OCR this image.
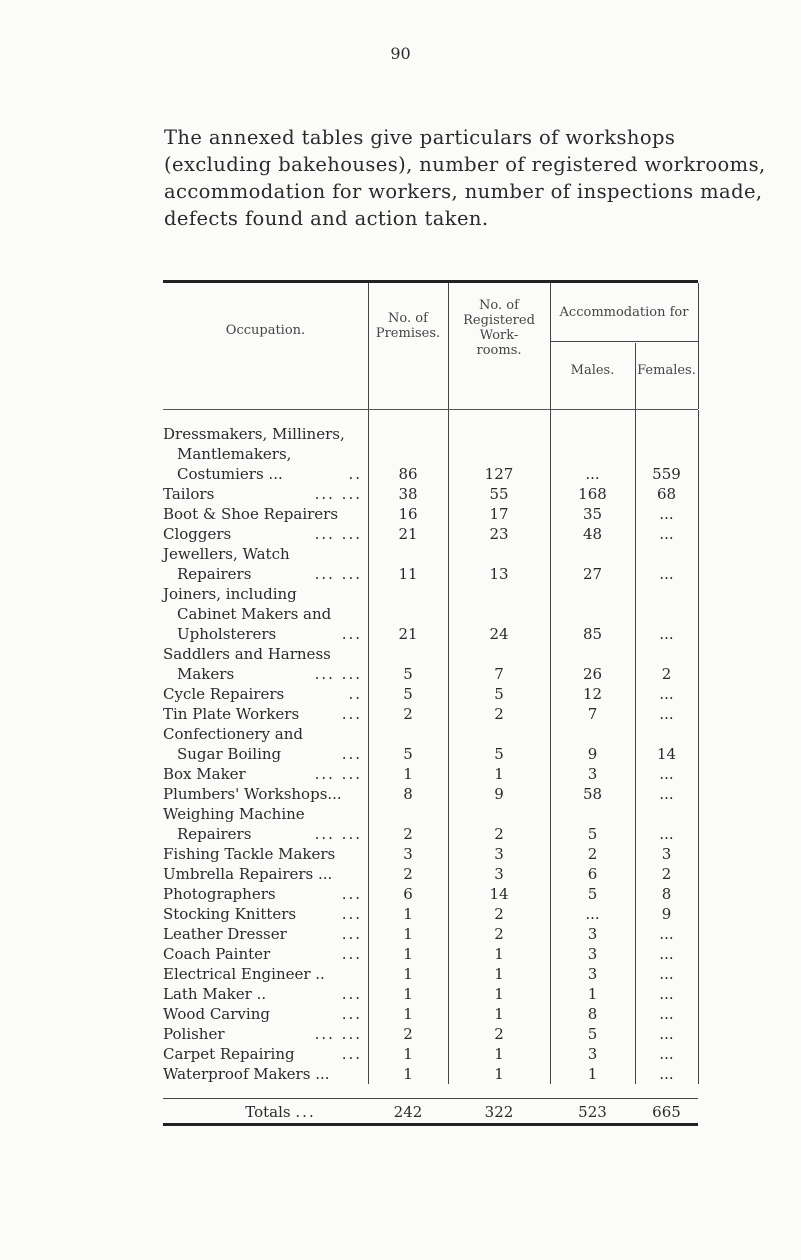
90

The annexed tables give particulars of workshops

(excluding bakehouses), number of registered workrooms,

accommodation for workers, number of inspections made,

defects found and action taken.

Occupation.
No. of
Premises.
No. of
Registered
Work-
rooms.
Accommodation for
Males.	Females.
Dressmakers, Milliners,
Mantlemakers,
Costumiers ...	..	86	127	...	559
Tailors	... ...	38	55	168	68
Boot & Shoe Repairers	16	17	35	...
Cloggers	... ...	21	23	48	...
Jewellers, Watch
Repairers	... ...	11	13	27	...
Joiners, including
Cabinet Makers and
Upholsterers	...	21	24	85	...
Saddlers and Harness
Makers	... ...	5	7	26	2
Cycle Repairers	..	5	5	12	...
Tin Plate Workers	...	2	2	7	...
Confectionery and
Sugar Boiling	...	5	5	9	14
Box Maker	... ...	1	1	3	...
Plumbers' Workshops...	8	9	58	...
Weighing Machine
Repairers	... ...	2	2	5	...
Fishing Tackle Makers	3	3	2	3
Umbrella Repairers ...	2	3	6	2
Photographers	...	6	14	5	8
Stocking Knitters	...	1	2	...	9
Leather Dresser	...	1	2	3	...
Coach Painter	...	1	1	3	...
Electrical Engineer ..	1	1	3	...
Lath Maker ..	...	1	1	1	...
Wood Carving	...	1	1	8	...
Polisher	... ...	2	2	5	...
Carpet Repairing	...	1	1	3	...
Waterproof Makers ...	1	1	1	...
Totals ...	242	322	523	665
